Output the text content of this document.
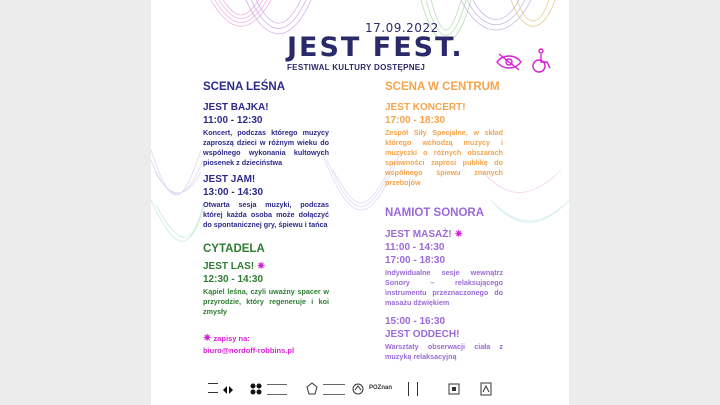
17.09.2022
JEST FEST.
FESTIWAL KULTURY DOSTĘPNEJ
SCENA LEŚNA
JEST BAJKA!
11:00 - 12:30

Koncert, podczas którego muzycy zaproszą dzieci w różnym wieku do wspólnego wykonania kultowych piosenek z dzieciństwa

JEST JAM!
13:00 - 14:30

Otwarta sesja muzyki, podczas której każda osoba może dołączyć do spontanicznej gry, śpiewu i tańca

CYTADELA
JEST LAS! ✷
12:30 - 14:30

Kąpiel leśna, czyli uważny spacer w przyrodzie, który regeneruje i koi zmysły

✷ zapisy na:
biuro@nordoff-robbins.pl
SCENA W CENTRUM
JEST KONCERT!
17:00 - 18:30

Zespół Siły Specjalne, w skład którego wchodzą muzycy i muzyczki o różnych obszarach sprawności zaprosi publikę do wspólnego śpiewu znanych przebojów

NAMIOT SONORA
JEST MASAŻ! ✷
11:00 - 14:30
17:00 - 18:30

Indywidualne sesje wewnątrz Sonory – relaksującego instrumentu przeznaczonego do masażu dźwiękiem

15:00 - 16:30
JEST ODDECH!

Warsztaty obserwacji ciała z muzyką relaksacyjną

POZnan
